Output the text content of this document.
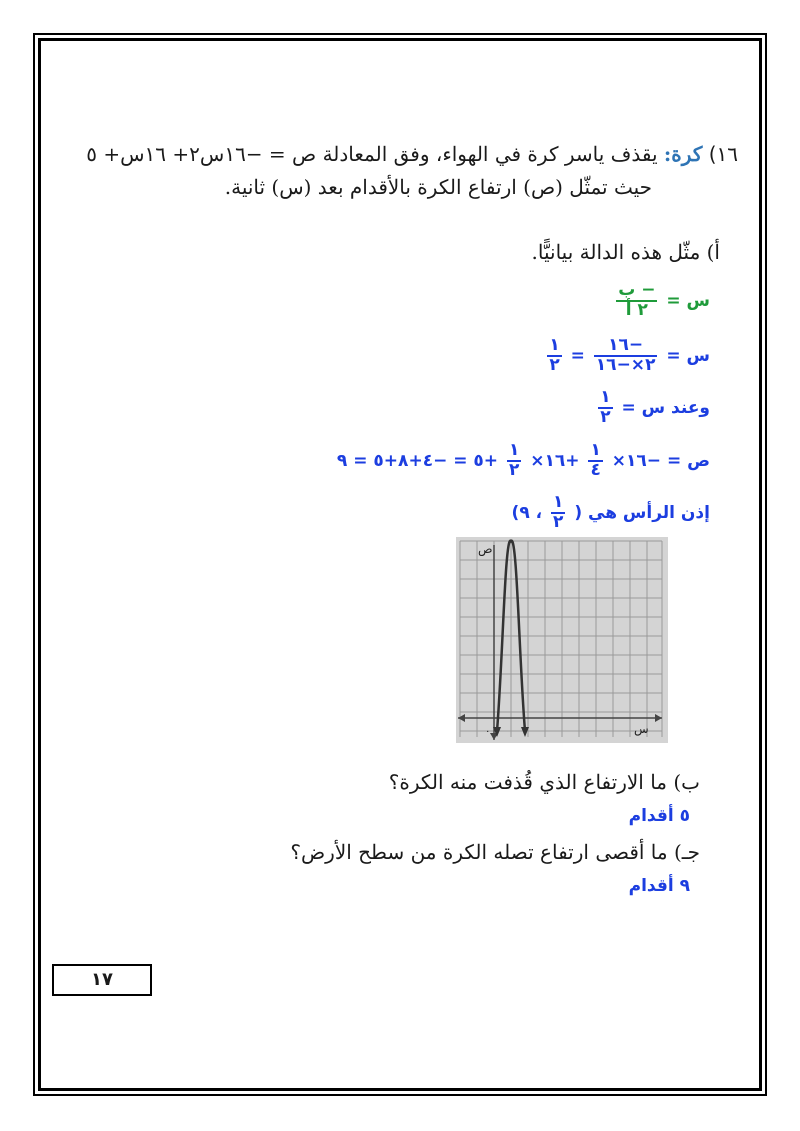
١٦) كرة: يقذف ياسر كرة في الهواء، وفق المعادلة ص = −١٦س٢+ ١٦س+ ٥
حيث تمثّل (ص) ارتفاع الكرة بالأقدام بعد (س) ثانية.
أ) مثّل هذه الدالة بيانيًّا.
س =
$\frac{\text{− ب}}{\text{٢ أ}}$
س =
$\frac{-١٦}{٢\times-١٦}$
=
$\frac{١}{٢}$
وعند س =
$\frac{١}{٢}$
ص = −١٦×
$\frac{١}{٤}$
+١٦×
$\frac{١}{٢}$
+٥ = −٤+٨+٥ = ٩
إذن الرأس هي (
$\frac{١}{٢}$
، ٩)
ص
س
٠
ب) ما الارتفاع الذي قُذفت منه الكرة؟
٥ أقدام
جـ) ما أقصى ارتفاع تصله الكرة من سطح الأرض؟
٩ أقدام
١٧
